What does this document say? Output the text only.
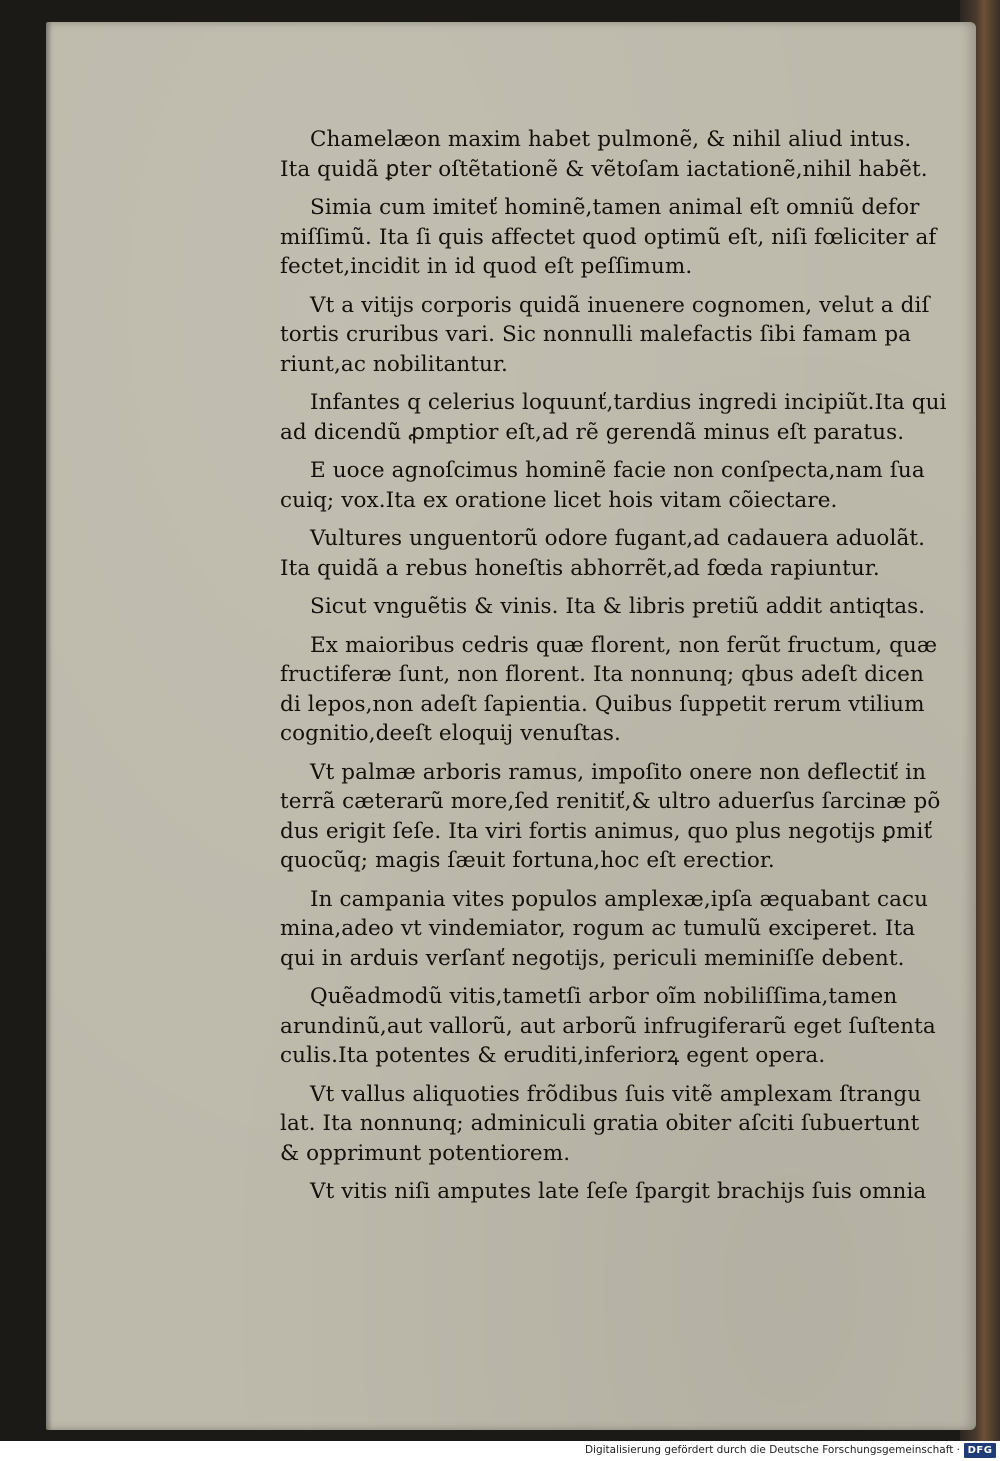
Chamelæon maxim habet pulmonẽ, & nihil aliud intus.
Ita quidã ꝑter oſtẽtationẽ & vẽtoſam iactationẽ,nihil habẽt.
Simia cum imiteť hominẽ,tamen animal eſt omniũ defor
miſſimũ. Ita ſi quis affectet quod optimũ eſt, niſi fœliciter af
fectet,incidit in id quod eſt peſſimum.
Vt a vitijs corporis quidã inuenere cognomen, velut a diſ
tortis cruribus vari. Sic nonnulli malefactis ſibi famam pa
riunt,ac nobilitantur.
Infantes q celerius loquunť,tardius ingredi incipiũt.Ita qui
ad dicendũ ꝓmptior eſt,ad rẽ gerendã minus eſt paratus.
E uoce agnoſcimus hominẽ facie non conſpecta,nam ſua
cuiq; vox.Ita ex oratione licet hois vitam cõiectare.
Vultures unguentorũ odore fugant,ad cadauera aduolãt.
Ita quidã a rebus honeſtis abhorrẽt,ad fœda rapiuntur.
Sicut vnguẽtis & vinis. Ita & libris pretiũ addit antiqtas.
Ex maioribus cedris quæ florent, non ferũt fructum, quæ
fructiferæ ſunt, non florent. Ita nonnunq; qbus adeſt dicen
di lepos,non adeſt ſapientia. Quibus ſuppetit rerum vtilium
cognitio,deeſt eloquij venuſtas.
Vt palmæ arboris ramus, impoſito onere non deflectiť in
terrã cæterarũ more,ſed renitiť,& ultro aduerſus ſarcinæ põ
dus erigit ſeſe. Ita viri fortis animus, quo plus negotijs ꝑmiť
quocũq; magis ſæuit fortuna,hoc eſt erectior.
In campania vites populos amplexæ,ipſa æquabant cacu
mina,adeo vt vindemiator, rogum ac tumulũ exciperet. Ita
qui in arduis verſanť negotijs, periculi meminiſſe debent.
Quẽadmodũ vitis,tametſi arbor oĩm nobiliſſima,tamen
arundinũ,aut vallorũ, aut arborũ infrugiferarũ eget ſuſtenta
culis.Ita potentes & eruditi,inferiorꝝ egent opera.
Vt vallus aliquoties frõdibus ſuis vitẽ amplexam ſtrangu
lat. Ita nonnunq; adminiculi gratia obiter aſciti ſubuertunt
& opprimunt potentiorem.
Vt vitis niſi amputes late ſeſe ſpargit brachijs ſuis omnia
Digitalisierung gefördert durch die Deutsche Forschungsgemeinschaft · DFG
